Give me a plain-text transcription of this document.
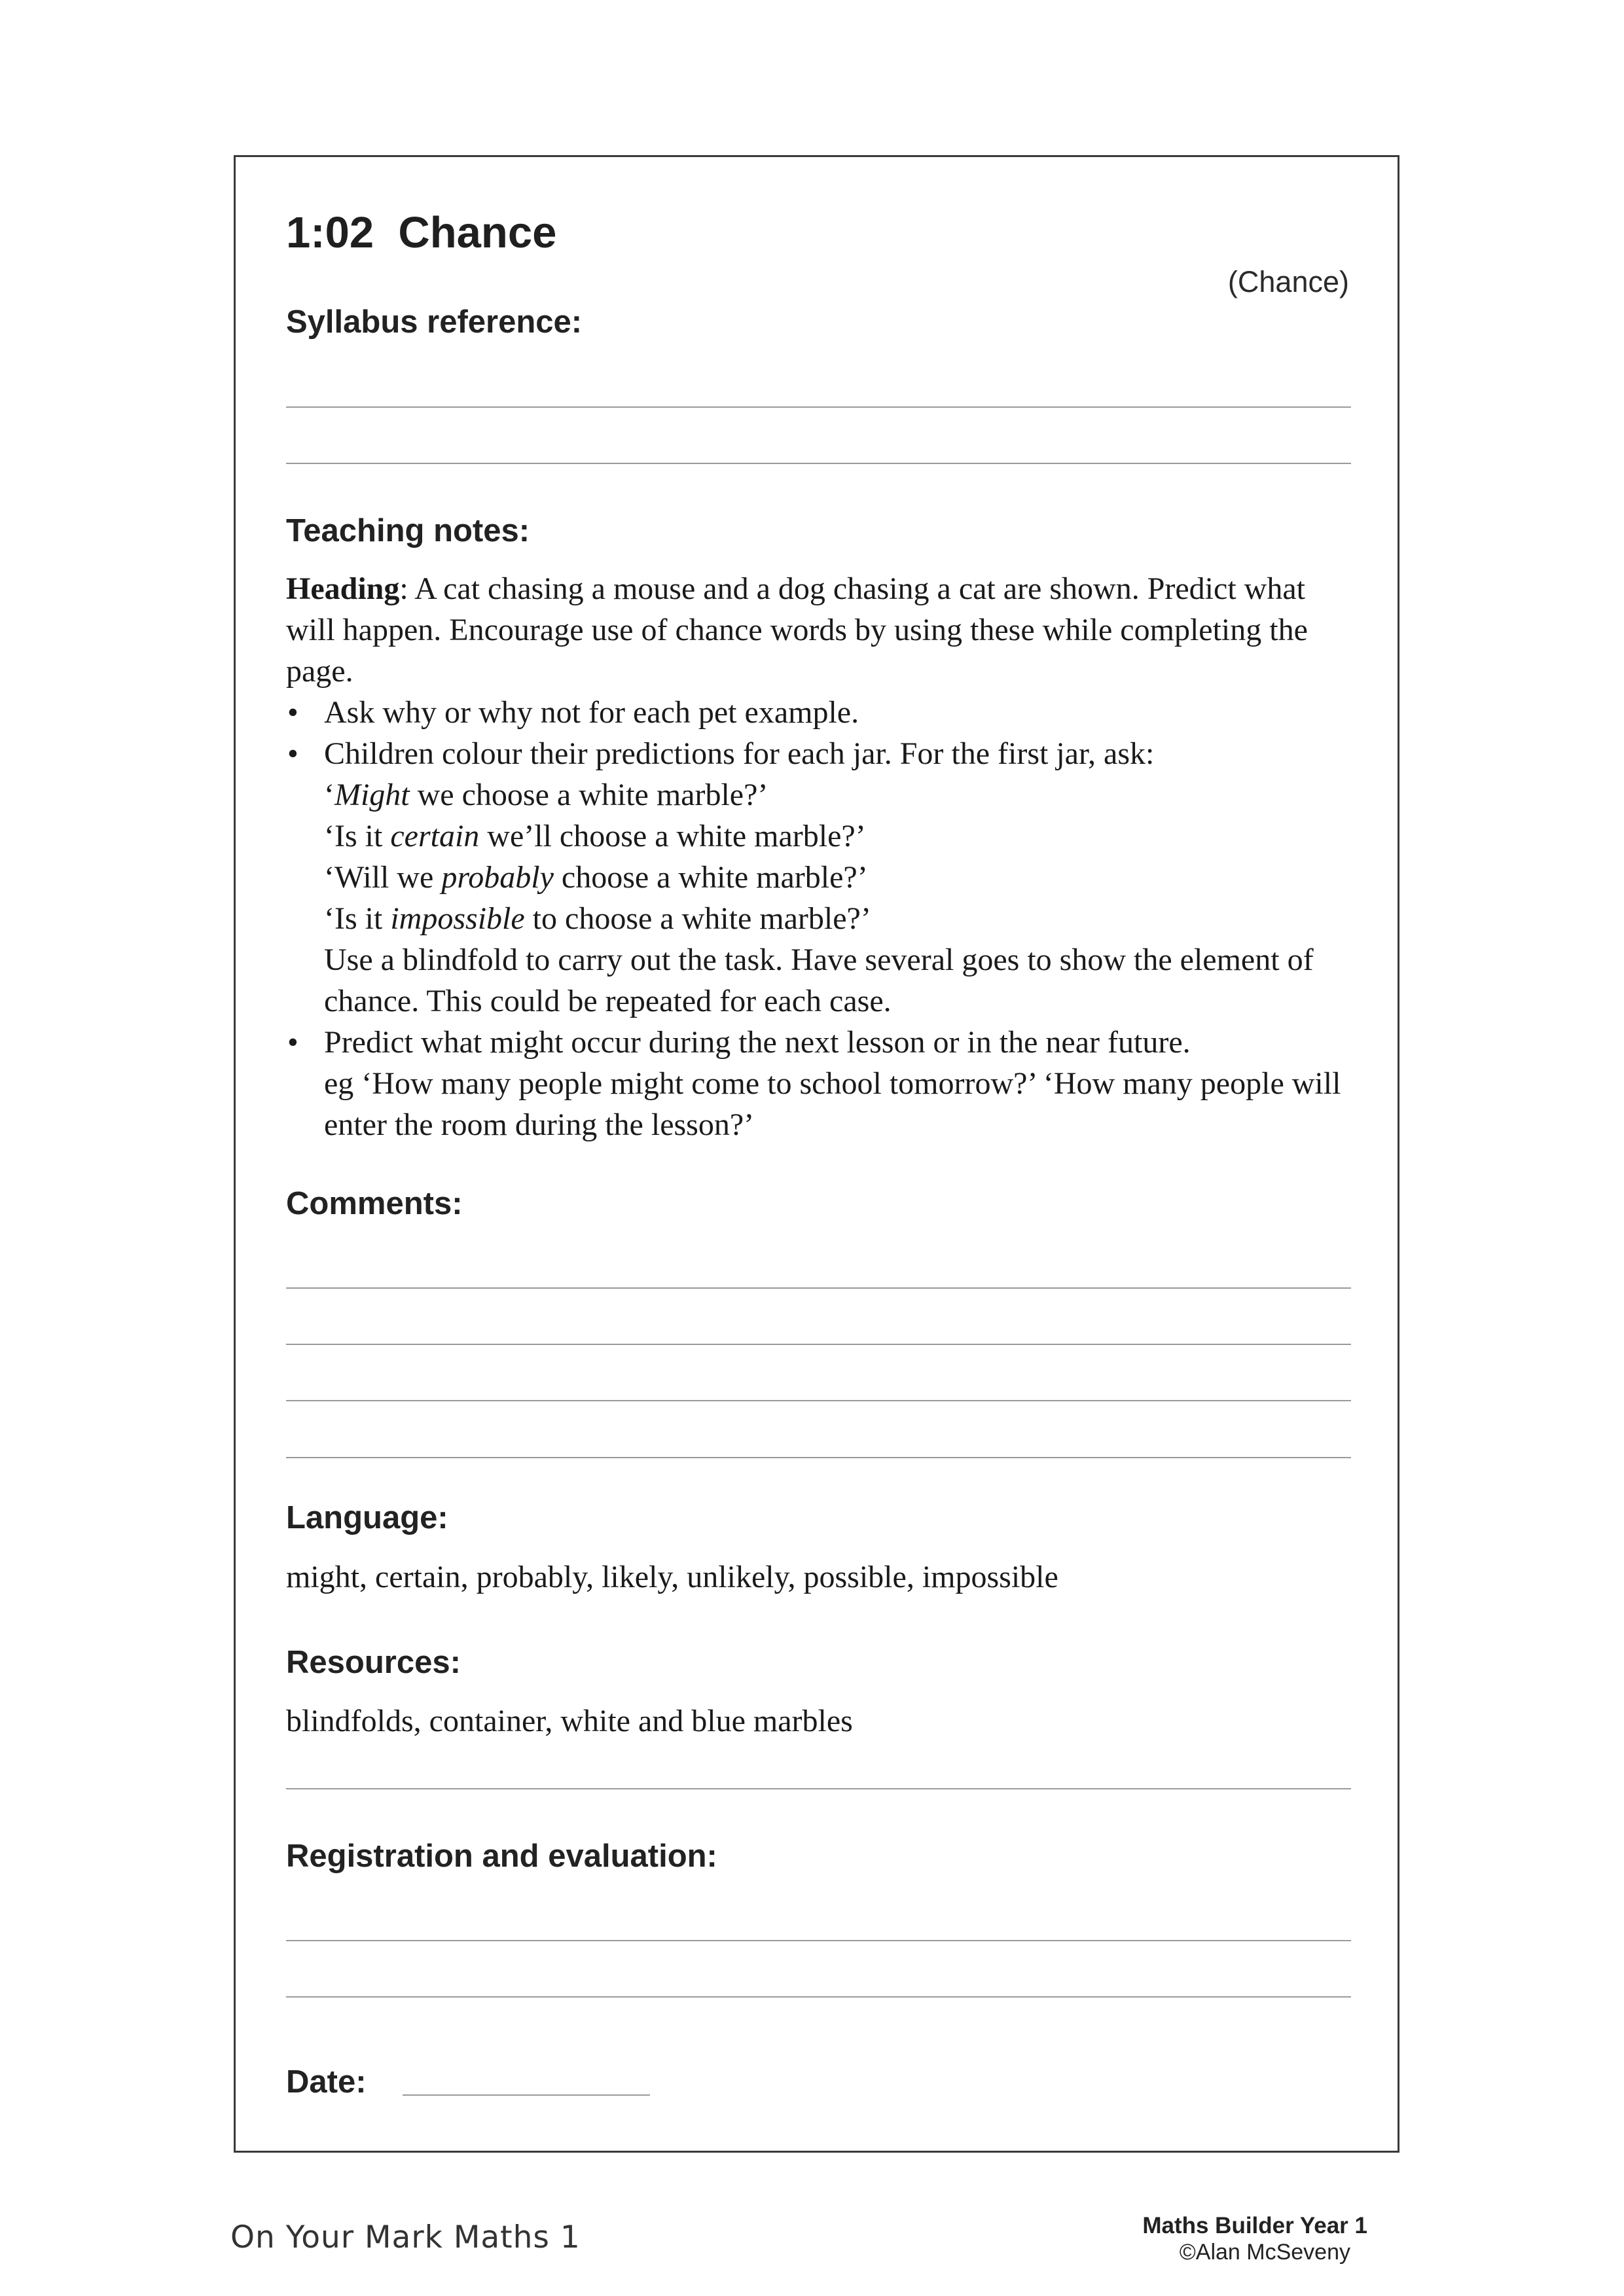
1:02  Chance
(Chance)
Syllabus reference:
Teaching notes:
Heading: A cat chasing a mouse and a dog chasing a cat are shown. Predict what will happen. Encourage use of chance words by using these while completing the page.
• Ask why or why not for each pet example.
• Children colour their predictions for each jar. For the first jar, ask:
‘Might we choose a white marble?’
‘Is it certain we’ll choose a white marble?’
‘Will we probably choose a white marble?’
‘Is it impossible to choose a white marble?’
Use a blindfold to carry out the task. Have several goes to show the element of chance. This could be repeated for each case.
• Predict what might occur during the next lesson or in the near future.
eg ‘How many people might come to school tomorrow?’ ‘How many people will enter the room during the lesson?’
Comments:
Language:
might, certain, probably, likely, unlikely, possible, impossible
Resources:
blindfolds, container, white and blue marbles
Registration and evaluation:
Date:
On Your Mark Maths 1	Maths Builder Year 1
©Alan McSeveny
